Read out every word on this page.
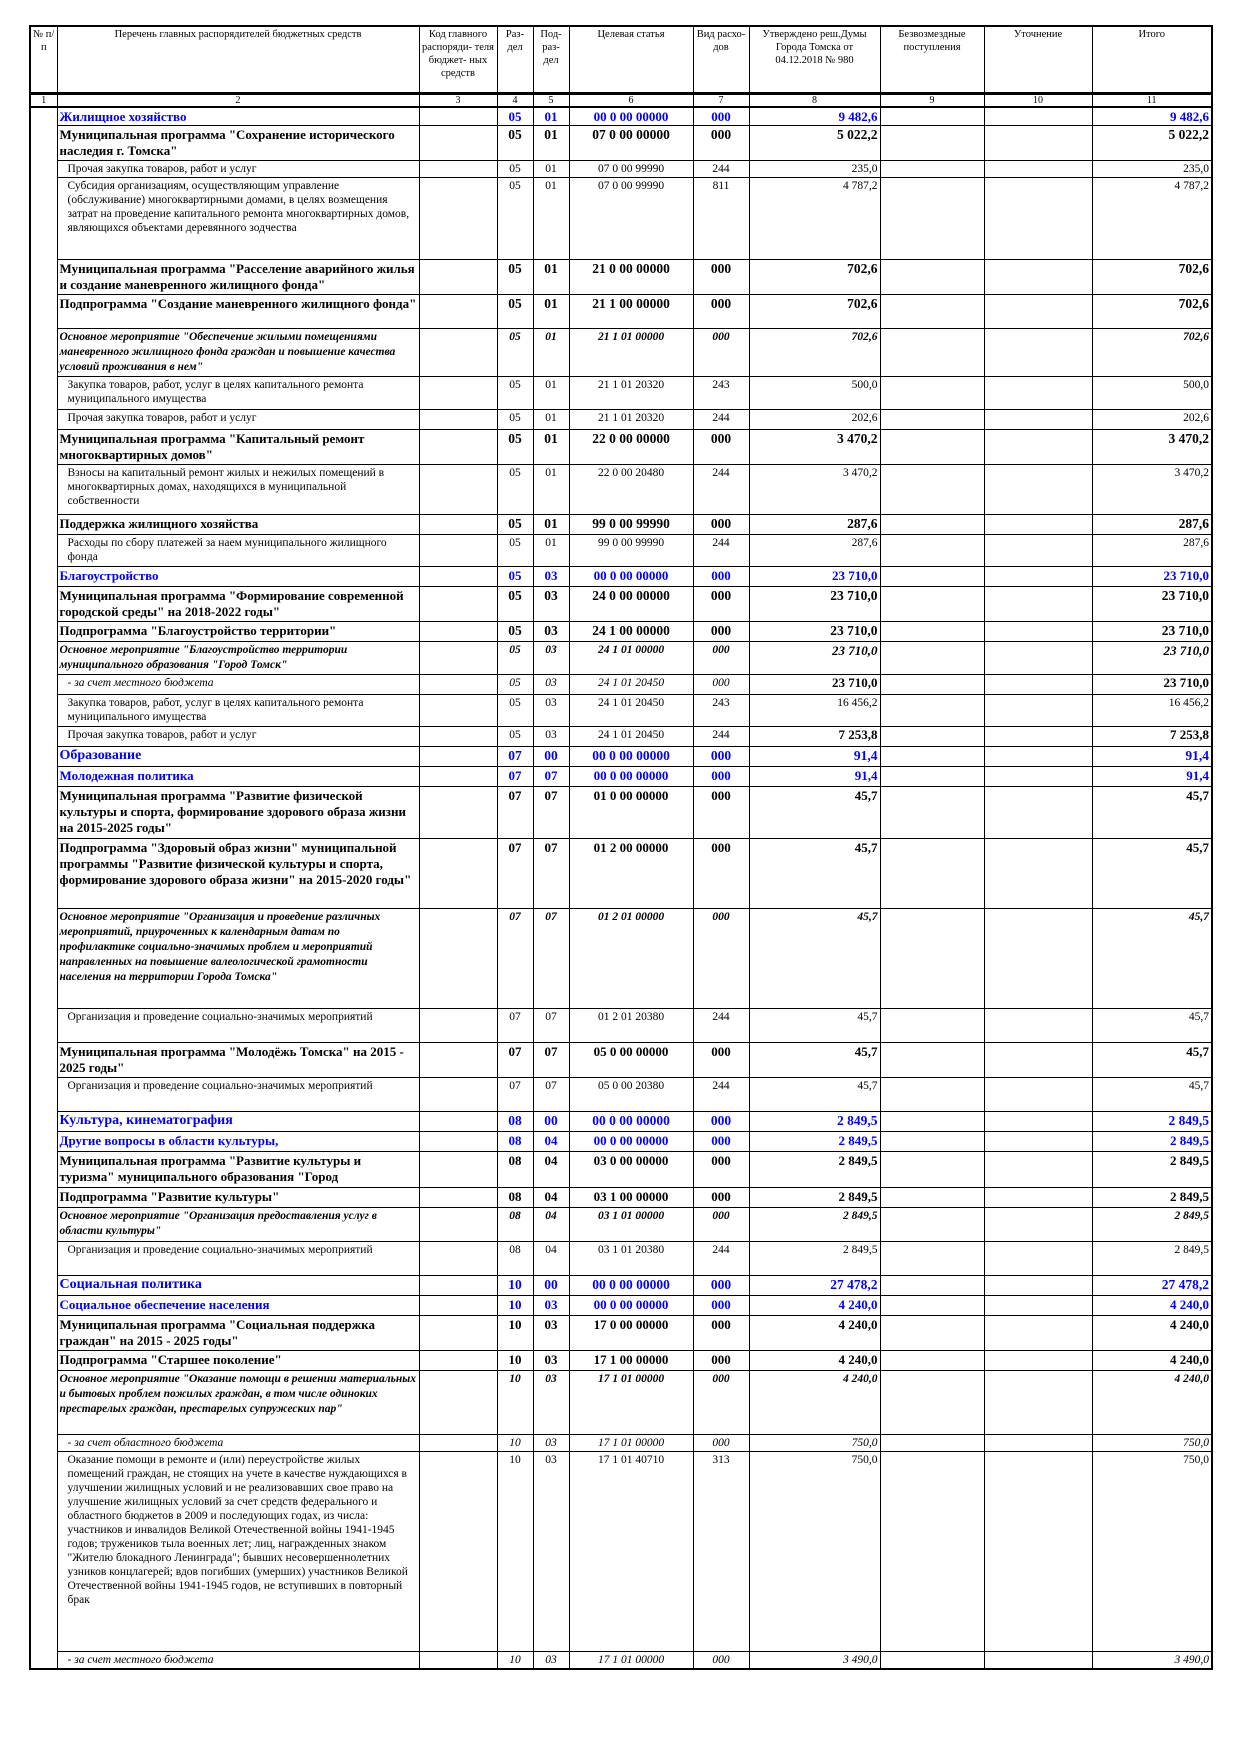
№ п/п	Перечень главных распорядителей бюджетных средств	Код главного распоряди- теля бюджет- ных средств	Раз- дел	Под- раз- дел	Целевая статья	Вид расхо- дов	Утверждено реш.Думы Города Томска от 04.12.2018 № 980	Безвозмездные поступления	Уточнение	Итого
1	2	3	4	5	6	7	8	9	10	11
	Жилищное хозяйство		05	01	00 0 00 00000	000	9 482,6			9 482,6
	Муниципальная программа "Сохранение исторического наследия г. Томска"		05	01	07 0 00 00000	000	5 022,2			5 022,2
	Прочая закупка товаров, работ и услуг		05	01	07 0 00 99990	244	235,0			235,0
	Субсидия организациям, осуществляющим управление (обслуживание) многоквартирными домами, в целях возмещения затрат на проведение капитального ремонта многоквартирных домов, являющихся объектами деревянного зодчества		05	01	07 0 00 99990	811	4 787,2			4 787,2
	Муниципальная программа "Расселение аварийного жилья и создание маневренного жилищного фонда"		05	01	21 0 00 00000	000	702,6			702,6
	Подпрограмма "Создание маневренного жилищного фонда"		05	01	21 1 00 00000	000	702,6			702,6
	Основное мероприятие "Обеспечение жилыми помещениями маневренного жилищного фонда граждан и повышение качества условий проживания в нем"		05	01	21 1 01 00000	000	702,6			702,6
	Закупка товаров, работ, услуг в целях капитального ремонта муниципального имущества		05	01	21 1 01 20320	243	500,0			500,0
	Прочая закупка товаров, работ и услуг		05	01	21 1 01 20320	244	202,6			202,6
	Муниципальная программа "Капитальный ремонт многоквартирных домов"		05	01	22 0 00 00000	000	3 470,2			3 470,2
	Взносы на капитальный ремонт жилых и нежилых помещений в многоквартирных домах, находящихся в муниципальной собственности		05	01	22 0 00 20480	244	3 470,2			3 470,2
	Поддержка жилищного хозяйства		05	01	99 0 00 99990	000	287,6			287,6
	Расходы по сбору платежей за наем муниципального жилищного фонда		05	01	99 0 00 99990	244	287,6			287,6
	Благоустройство		05	03	00 0 00 00000	000	23 710,0			23 710,0
	Муниципальная программа "Формирование современной городской среды" на 2018-2022 годы"		05	03	24 0 00 00000	000	23 710,0			23 710,0
	Подпрограмма "Благоустройство территории"		05	03	24 1 00 00000	000	23 710,0			23 710,0
	Основное мероприятие "Благоустройство территории муниципального образования "Город Томск"		05	03	24 1 01 00000	000	23 710,0			23 710,0
	- за счет местного бюджета		05	03	24 1 01 20450	000	23 710,0			23 710,0
	Закупка товаров, работ, услуг в целях капитального ремонта муниципального имущества		05	03	24 1 01 20450	243	16 456,2			16 456,2
	Прочая закупка товаров, работ и услуг		05	03	24 1 01 20450	244	7 253,8			7 253,8
	Образование		07	00	00 0 00 00000	000	91,4			91,4
	Молодежная политика		07	07	00 0 00 00000	000	91,4			91,4
	Муниципальная программа "Развитие физической культуры и спорта, формирование здорового образа жизни на 2015-2025 годы"		07	07	01 0 00 00000	000	45,7			45,7
	Подпрограмма "Здоровый образ жизни" муниципальной программы "Развитие физической культуры и спорта, формирование здорового образа жизни" на 2015-2020 годы"		07	07	01 2 00 00000	000	45,7			45,7
	Основное мероприятие "Организация и проведение различных мероприятий, приуроченных к календарным датам по профилактике социально-значимых проблем и мероприятий направленных на повышение валеологической грамотности населения на территории Города Томска"		07	07	01 2 01 00000	000	45,7			45,7
	Организация и проведение социально-значимых мероприятий		07	07	01 2 01 20380	244	45,7			45,7
	Муниципальная программа "Молодёжь Томска" на 2015 - 2025 годы"		07	07	05 0 00 00000	000	45,7			45,7
	Организация и проведение социально-значимых мероприятий		07	07	05 0 00 20380	244	45,7			45,7
	Культура, кинематография		08	00	00 0 00 00000	000	2 849,5			2 849,5
	Другие вопросы в области культуры,		08	04	00 0 00 00000	000	2 849,5			2 849,5
	Муниципальная программа "Развитие культуры и туризма" муниципального образования "Город		08	04	03 0 00 00000	000	2 849,5			2 849,5
	Подпрограмма "Развитие культуры"		08	04	03 1 00 00000	000	2 849,5			2 849,5
	Основное мероприятие "Организация предоставления услуг в области культуры"		08	04	03 1 01 00000	000	2 849,5			2 849,5
	Организация и проведение социально-значимых мероприятий		08	04	03 1 01 20380	244	2 849,5			2 849,5
	Социальная политика		10	00	00 0 00 00000	000	27 478,2			27 478,2
	Социальное обеспечение населения		10	03	00 0 00 00000	000	4 240,0			4 240,0
	Муниципальная программа "Социальная поддержка граждан" на 2015 - 2025 годы"		10	03	17 0 00 00000	000	4 240,0			4 240,0
	Подпрограмма "Старшее поколение"		10	03	17 1 00 00000	000	4 240,0			4 240,0
	Основное мероприятие "Оказание помощи в решении материальных и бытовых проблем пожилых граждан, в том числе одиноких престарелых граждан, престарелых супружеских пар"		10	03	17 1 01 00000	000	4 240,0			4 240,0
	- за счет областного бюджета		10	03	17 1 01 00000	000	750,0			750,0
	Оказание помощи в ремонте и (или) переустройстве жилых помещений граждан, не стоящих на учете в качестве нуждающихся в улучшении жилищных условий и не реализовавших свое право на улучшение жилищных условий за счет средств федерального и областного бюджетов в 2009 и последующих годах, из числа: участников и инвалидов Великой Отечественной войны 1941-1945 годов; тружеников тыла военных лет; лиц, награжденных знаком "Жителю блокадного Ленинграда"; бывших несовершеннолетних узников концлагерей; вдов погибших (умерших) участников Великой Отечественной войны 1941-1945 годов, не вступивших в повторный брак		10	03	17 1 01 40710	313	750,0			750,0
	- за счет местного бюджета		10	03	17 1 01 00000	000	3 490,0			3 490,0
